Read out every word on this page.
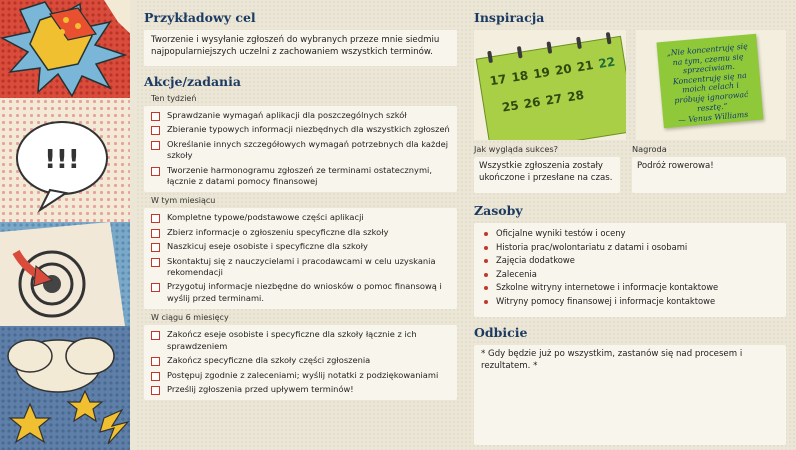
!!!
Przykładowy cel
Tworzenie i wysyłanie zgłoszeń do wybranych przeze mnie siedmiu najpopularniejszych uczelni z zachowaniem wszystkich terminów.
Akcje/zadania
Ten tydzień
Sprawdzanie wymagań aplikacji dla poszczególnych szkół
Zbieranie typowych informacji niezbędnych dla wszystkich zgłoszeń
Określanie innych szczegółowych wymagań potrzebnych dla każdej szkoły
Tworzenie harmonogramu zgłoszeń ze terminami ostatecznymi, łącznie z datami pomocy finansowej
W tym miesiącu
Kompletne typowe/podstawowe części aplikacji
Zbierz informacje o zgłoszeniu specyficzne dla szkoły
Naszkicuj eseje osobiste i specyficzne dla szkoły
Skontaktuj się z nauczycielami i pracodawcami w celu uzyskania rekomendacji
Przygotuj informacje niezbędne do wniosków o pomoc finansową i wyślij przed terminami.
W ciągu 6 miesięcy
Zakończ eseje osobiste i specyficzne dla szkoły łącznie z ich sprawdzeniem
Zakończ specyficzne dla szkoły części zgłoszenia
Postępuj zgodnie z zaleceniami; wyślij notatki z podziękowaniami
Prześlij zgłoszenia przed upływem terminów!
Inspiracja
17 18 19 20 21 22
25 26 27 28
„Nie koncentruję się na tym, czemu się sprzeciwiam. Koncentruję się na moich celach i próbuję ignorować resztę.”
— Venus Williams
Jak wygląda sukces?
Wszystkie zgłoszenia zostały ukończone i przesłane na czas.
Nagroda
Podróż rowerowa!
Zasoby
Oficjalne wyniki testów i oceny
Historia prac/wolontariatu z datami i osobami
Zajęcia dodatkowe
Zalecenia
Szkolne witryny internetowe i informacje kontaktowe
Witryny pomocy finansowej i informacje kontaktowe
Odbicie
* Gdy będzie już po wszystkim, zastanów się nad procesem i rezultatem. *
